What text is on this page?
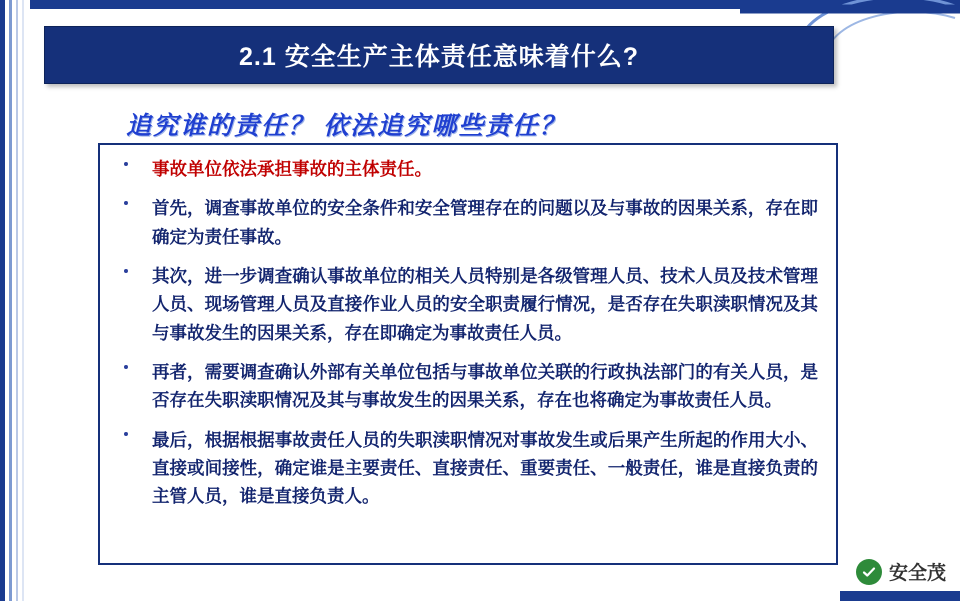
2.1 安全生产主体责任意味着什么?
追究谁的责任？ 依法追究哪些责任？
事故单位依法承担事故的主体责任。
首先，调查事故单位的安全条件和安全管理存在的问题以及与事故的因果关系，存在即确定为责任事故。
其次，进一步调查确认事故单位的相关人员特别是各级管理人员、技术人员及技术管理人员、现场管理人员及直接作业人员的安全职责履行情况，是否存在失职渎职情况及其与事故发生的因果关系，存在即确定为事故责任人员。
再者，需要调查确认外部有关单位包括与事故单位关联的行政执法部门的有关人员，是否存在失职渎职情况及其与事故发生的因果关系，存在也将确定为事故责任人员。
最后，根据根据事故责任人员的失职渎职情况对事故发生或后果产生所起的作用大小、直接或间接性，确定谁是主要责任、直接责任、重要责任、一般责任，谁是直接负责的主管人员，谁是直接负责人。
安全茂
